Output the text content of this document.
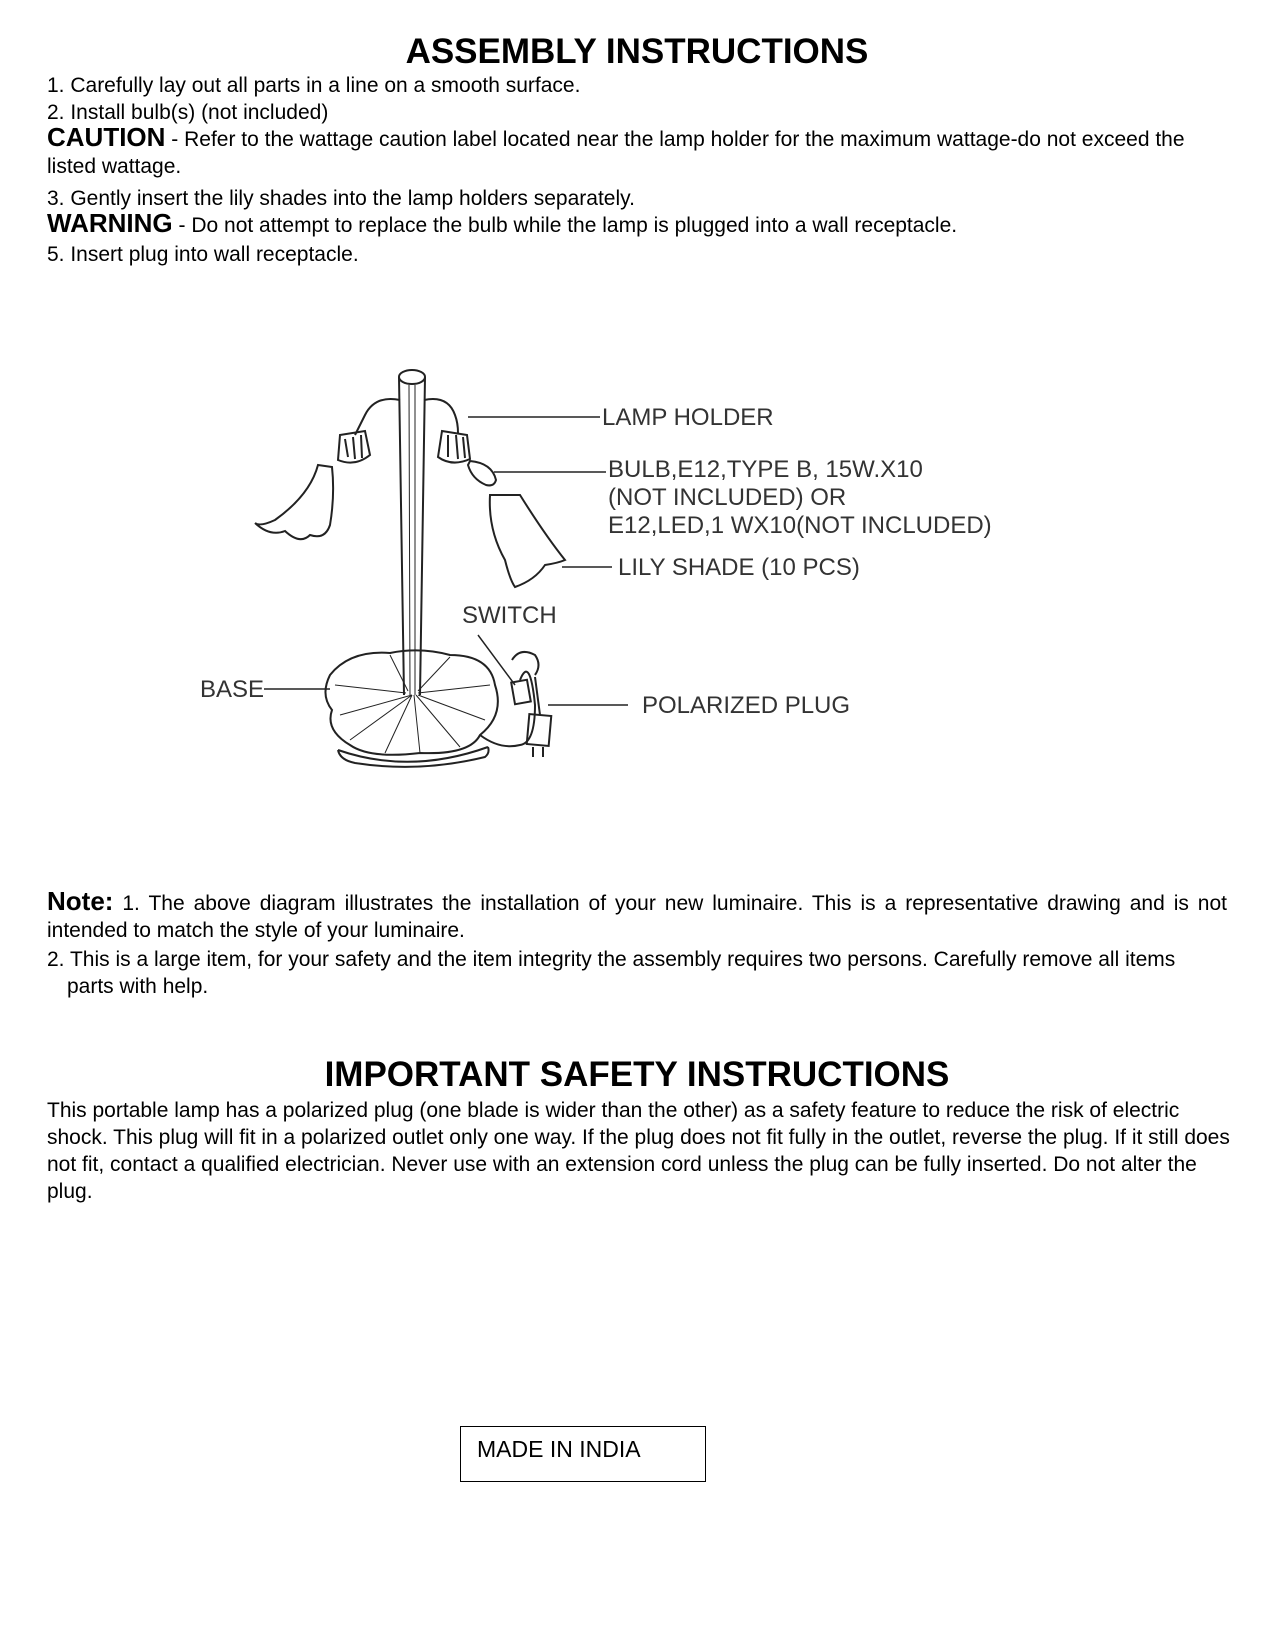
ASSEMBLY INSTRUCTIONS
1. Carefully lay out all parts in a line on a smooth surface.
2. Install bulb(s) (not included)
CAUTION - Refer to the wattage caution label located near the lamp holder for the maximum wattage-do not exceed the listed wattage.
3. Gently insert the lily shades into the lamp holders separately.
WARNING - Do not attempt to replace the bulb while the lamp is plugged into a wall receptacle.
5. Insert plug into wall receptacle.
LAMP HOLDER
BULB,E12,TYPE B, 15W.X10
(NOT INCLUDED) OR
E12,LED,1 WX10(NOT INCLUDED)
LILY SHADE (10 PCS)
SWITCH
BASE
POLARIZED PLUG
Note: 1. The above diagram illustrates the installation of your new luminaire. This is a representative drawing and is not intended to match the style of your luminaire.
2. This is a large item, for your safety and the item integrity the assembly requires two persons. Carefully remove all items parts with help.
IMPORTANT SAFETY INSTRUCTIONS
This portable lamp has a polarized plug (one blade is wider than the other) as a safety feature to reduce the risk of electric shock. This plug will fit in a polarized outlet only one way. If the plug does not fit fully in the outlet, reverse the plug. If it still does not fit, contact a qualified electrician. Never use with an extension cord unless the plug can be fully inserted. Do not alter the plug.
MADE IN INDIA
